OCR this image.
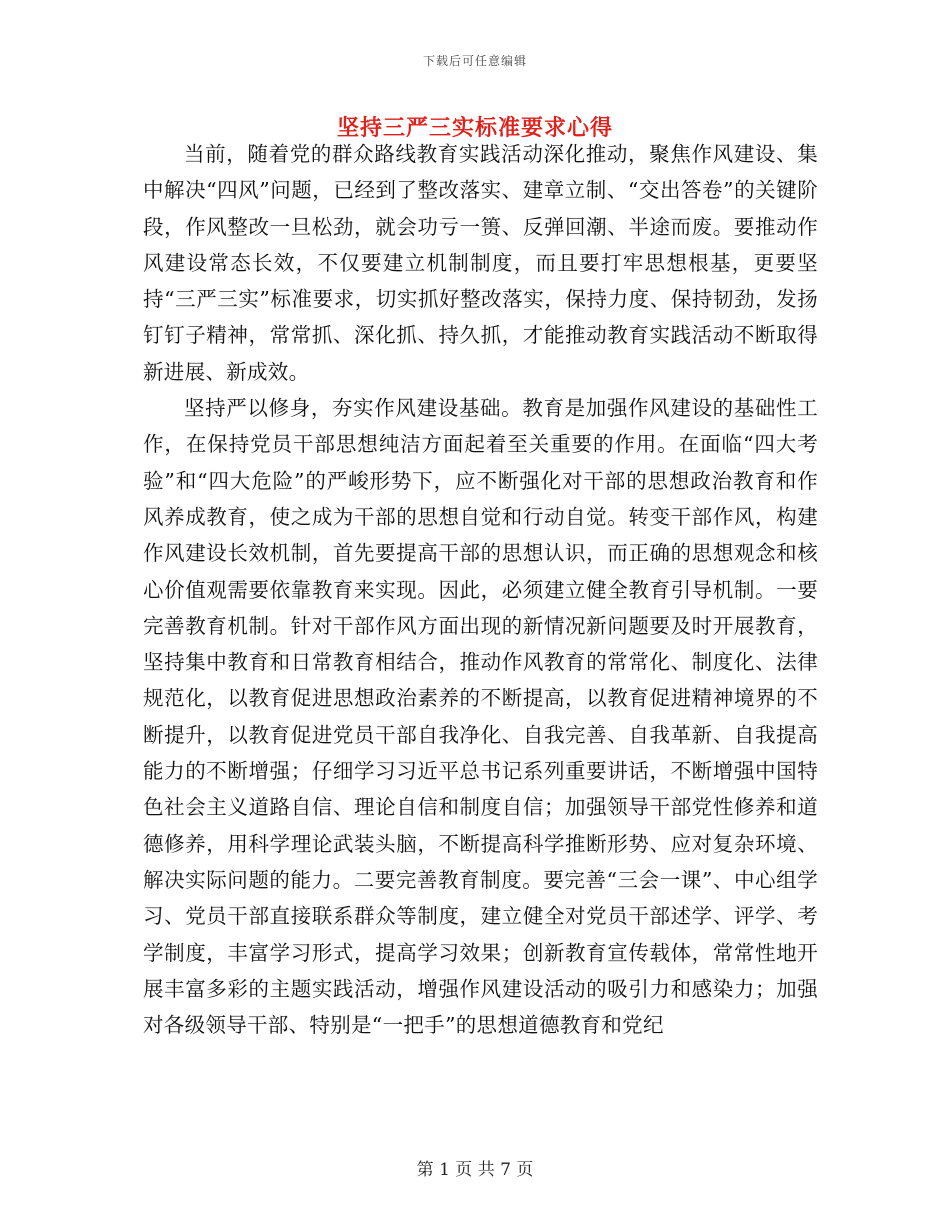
下载后可任意编辑
坚持三严三实标准要求心得

当前，随着党的群众路线教育实践活动深化推动，聚焦作风建设、集中解决“四风”问题，已经到了整改落实、建章立制、“交出答卷”的关键阶段，作风整改一旦松劲，就会功亏一篑、反弹回潮、半途而废。要推动作风建设常态长效，不仅要建立机制制度，而且要打牢思想根基，更要坚持“三严三实”标准要求，切实抓好整改落实，保持力度、保持韧劲，发扬钉钉子精神，常常抓、深化抓、持久抓，才能推动教育实践活动不断取得新进展、新成效。

坚持严以修身，夯实作风建设基础。教育是加强作风建设的基础性工作，在保持党员干部思想纯洁方面起着至关重要的作用。在面临“四大考验”和“四大危险”的严峻形势下，应不断强化对干部的思想政治教育和作风养成教育，使之成为干部的思想自觉和行动自觉。转变干部作风，构建作风建设长效机制，首先要提高干部的思想认识，而正确的思想观念和核心价值观需要依靠教育来实现。因此，必须建立健全教育引导机制。一要完善教育机制。针对干部作风方面出现的新情况新问题要及时开展教育，坚持集中教育和日常教育相结合，推动作风教育的常常化、制度化、法律规范化，以教育促进思想政治素养的不断提高，以教育促进精神境界的不断提升，以教育促进党员干部自我净化、自我完善、自我革新、自我提高能力的不断增强；仔细学习习近平总书记系列重要讲话，不断增强中国特色社会主义道路自信、理论自信和制度自信；加强领导干部党性修养和道德修养，用科学理论武装头脑，不断提高科学推断形势、应对复杂环境、解决实际问题的能力。二要完善教育制度。要完善“三会一课”、中心组学习、党员干部直接联系群众等制度，建立健全对党员干部述学、评学、考学制度，丰富学习形式，提高学习效果；创新教育宣传载体，常常性地开展丰富多彩的主题实践活动，增强作风建设活动的吸引力和感染力；加强对各级领导干部、特别是“一把手”的思想道德教育和党纪

第 1 页 共 7 页
